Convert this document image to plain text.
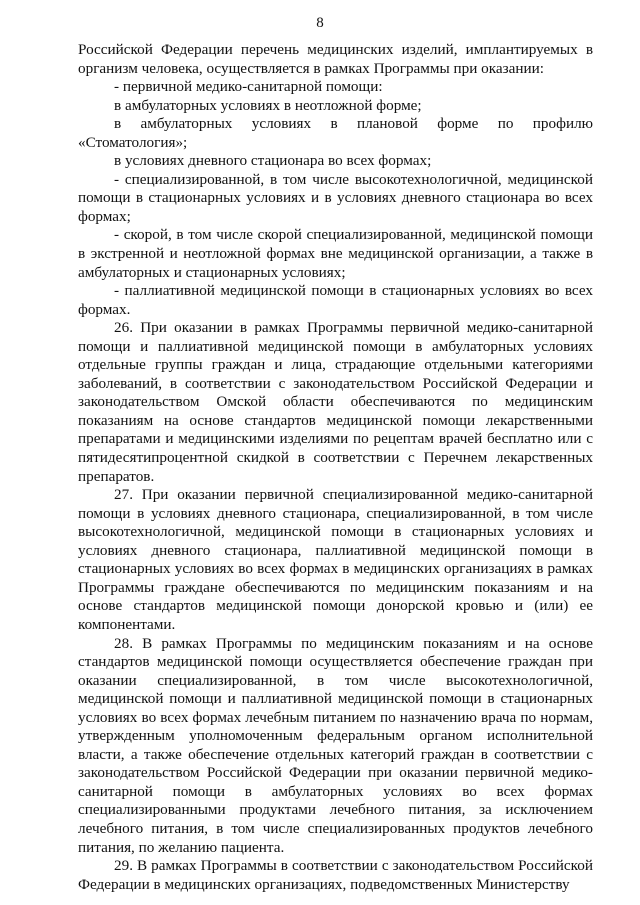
8
Российской Федерации перечень медицинских изделий, имплантируемых в
организм человека, осуществляется в рамках Программы при оказании:
- первичной медико-санитарной помощи:
в амбулаторных условиях в неотложной форме;
в амбулаторных условиях в плановой форме по профилю
«Стоматология»;
в условиях дневного стационара во всех формах;

- специализированной, в том числе высокотехнологичной, медицинской помощи в стационарных условиях и в условиях дневного стационара во всех формах;

- скорой, в том числе скорой специализированной, медицинской помощи в экстренной и неотложной формах вне медицинской организации, а также в амбулаторных и стационарных условиях;

- паллиативной медицинской помощи в стационарных условиях во всех формах.

26. При оказании в рамках Программы первичной медико-санитарной помощи и паллиативной медицинской помощи в амбулаторных условиях отдельные группы граждан и лица, страдающие отдельными категориями заболеваний, в соответствии с законодательством Российской Федерации и законодательством Омской области обеспечиваются по медицинским показаниям на основе стандартов медицинской помощи лекарственными препаратами и медицинскими изделиями по рецептам врачей бесплатно или с пятидесятипроцентной скидкой в соответствии с Перечнем лекарственных препаратов.

27. При оказании первичной специализированной медико-санитарной помощи в условиях дневного стационара, специализированной, в том числе высокотехнологичной, медицинской помощи в стационарных условиях и условиях дневного стационара, паллиативной медицинской помощи в стационарных условиях во всех формах в медицинских организациях в рамках Программы граждане обеспечиваются по медицинским показаниям и на основе стандартов медицинской помощи донорской кровью и (или) ее компонентами.

28. В рамках Программы по медицинским показаниям и на основе стандартов медицинской помощи осуществляется обеспечение граждан при оказании специализированной, в том числе высокотехнологичной, медицинской помощи и паллиативной медицинской помощи в стационарных условиях во всех формах лечебным питанием по назначению врача по нормам, утвержденным уполномоченным федеральным органом исполнительной власти, а также обеспечение отдельных категорий граждан в соответствии с законодательством Российской Федерации при оказании первичной медико-санитарной помощи в амбулаторных условиях во всех формах специализированными продуктами лечебного питания, за исключением лечебного питания, в том числе специализированных продуктов лечебного питания, по желанию пациента.

29. В рамках Программы в соответствии с законодательством Российской Федерации в медицинских организациях, подведомственных Министерству
